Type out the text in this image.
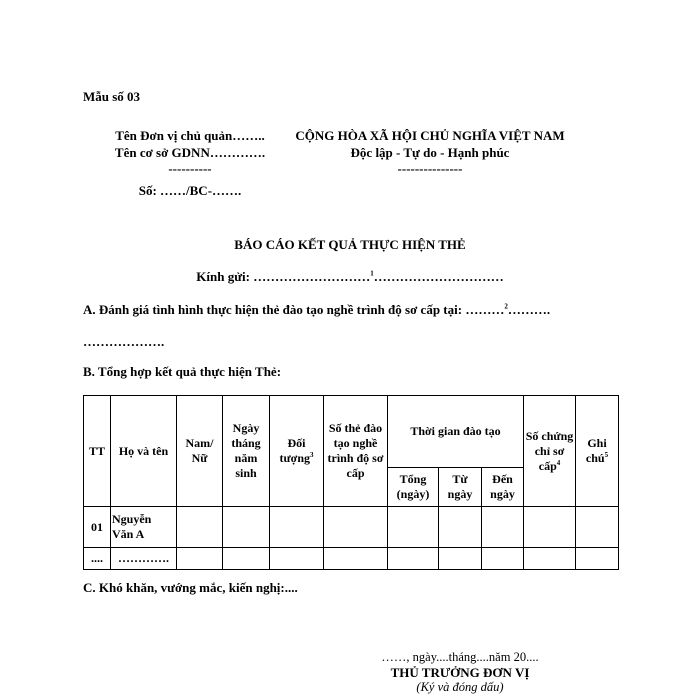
Mẫu số 03
Tên Đơn vị chủ quản……..
Tên cơ sở GDNN………….
----------
Số: ……/BC-…….
CỘNG HÒA XÃ HỘI CHỦ NGHĨA VIỆT NAM
Độc lập - Tự do - Hạnh phúc
---------------
BÁO CÁO KẾT QUẢ THỰC HIỆN THẺ
Kính gửi: ………………………$^1$…………………………
A. Đánh giá tình hình thực hiện thẻ đào tạo nghề trình độ sơ cấp tại: ………$^2$……….
……………….
B. Tổng hợp kết quả thực hiện Thẻ:
TT	Họ và tên	Nam/ Nữ	Ngày tháng năm sinh	Đối tượng$^3$	Số thẻ đào tạo nghề trình độ sơ cấp	Thời gian đào tạo			Số chứng chỉ sơ cấp$^4$	Ghi chú$^5$
						Tổng (ngày)	Từ ngày	Đến ngày		
01	Nguyễn Văn A									
....	………….									
C. Khó khăn, vướng mắc, kiến nghị:....
……, ngày....tháng....năm 20....
THỦ TRƯỞNG ĐƠN VỊ
(Ký và đóng dấu)
